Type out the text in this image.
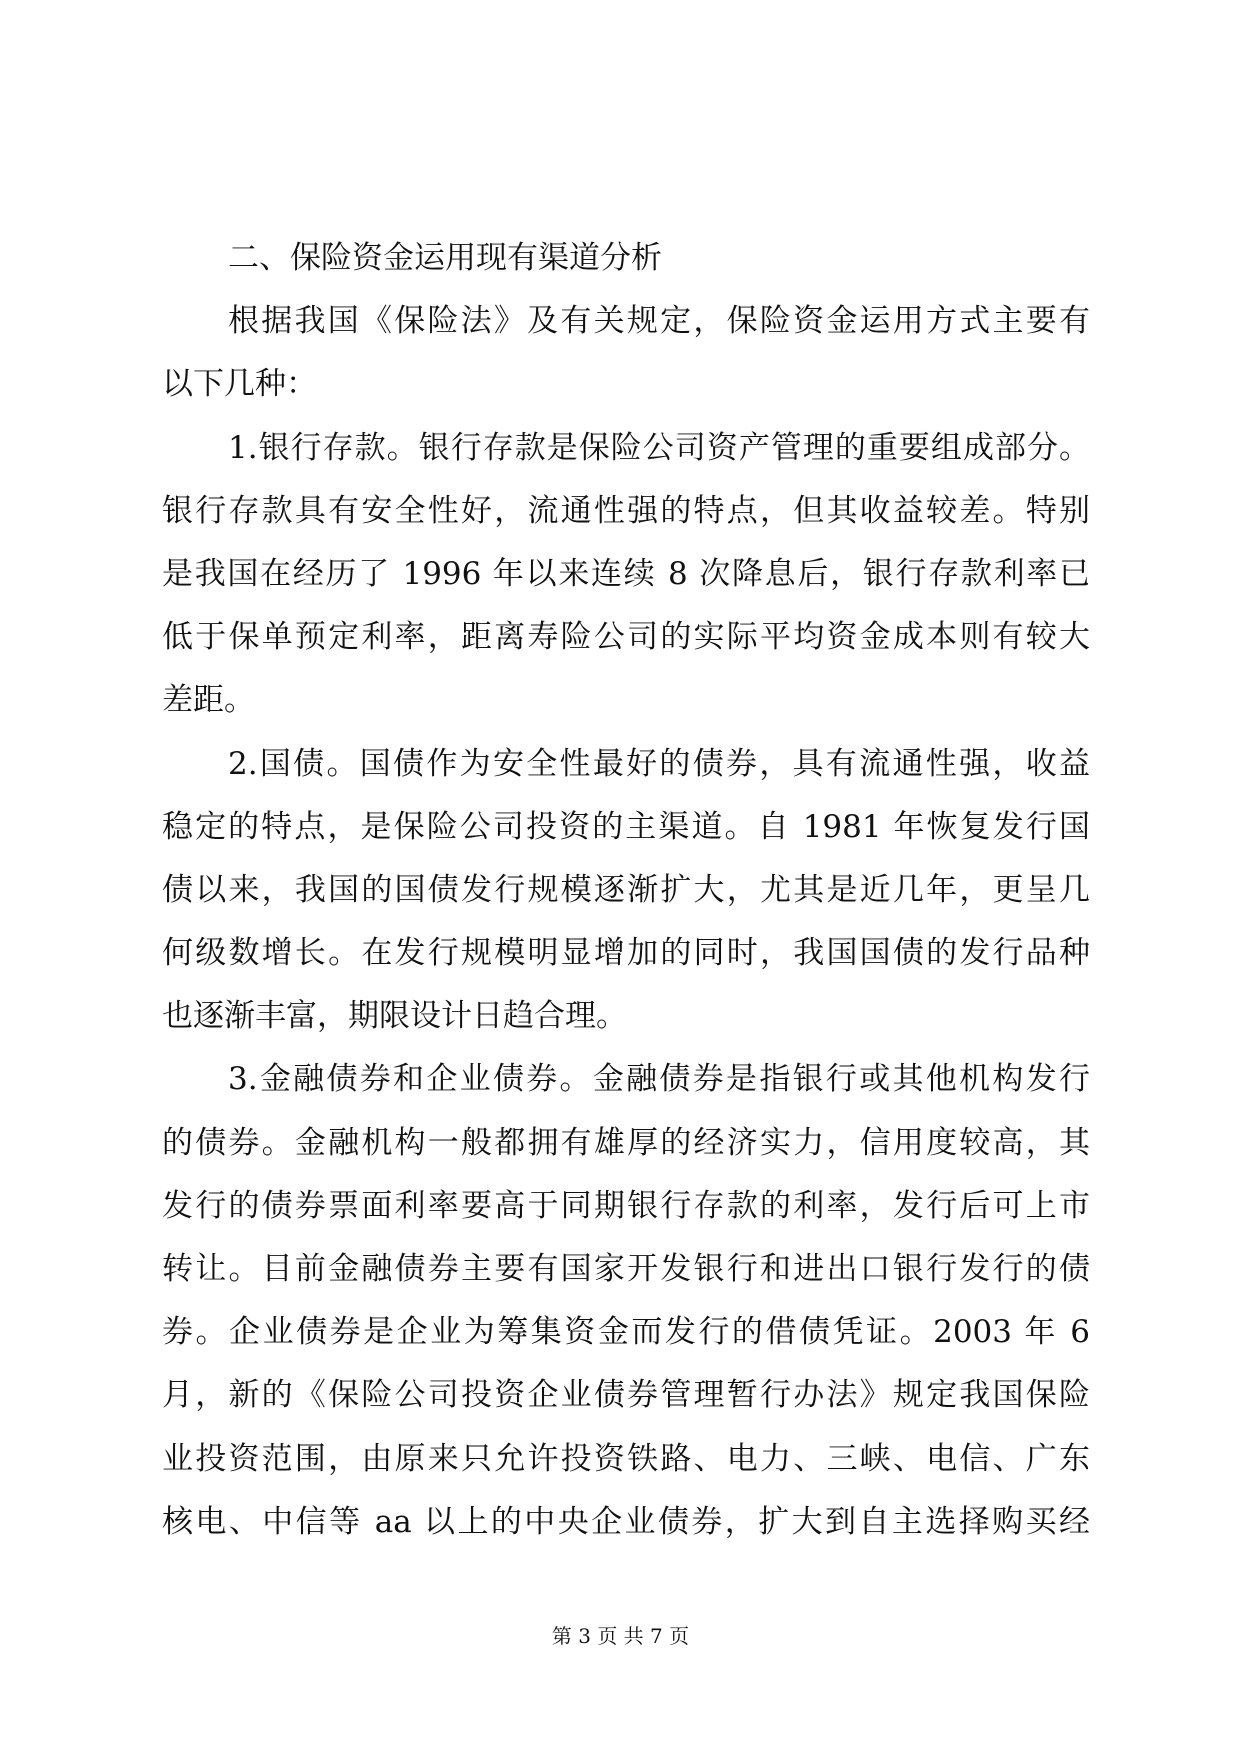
二、保险资金运用现有渠道分析
根据我国《保险法》及有关规定，保险资金运用方式主要有
以下几种：
1.银行存款。银行存款是保险公司资产管理的重要组成部分。
银行存款具有安全性好，流通性强的特点，但其收益较差。特别
是我国在经历了 1996 年以来连续 8 次降息后，银行存款利率已
低于保单预定利率，距离寿险公司的实际平均资金成本则有较大
差距。
2.国债。国债作为安全性最好的债券，具有流通性强，收益
稳定的特点，是保险公司投资的主渠道。自 1981 年恢复发行国
债以来，我国的国债发行规模逐渐扩大，尤其是近几年，更呈几
何级数增长。在发行规模明显增加的同时，我国国债的发行品种
也逐渐丰富，期限设计日趋合理。
3.金融债券和企业债券。金融债券是指银行或其他机构发行
的债券。金融机构一般都拥有雄厚的经济实力，信用度较高，其
发行的债券票面利率要高于同期银行存款的利率，发行后可上市
转让。目前金融债券主要有国家开发银行和进出口银行发行的债
券。企业债券是企业为筹集资金而发行的借债凭证。2003 年 6
月，新的《保险公司投资企业债券管理暂行办法》规定我国保险
业投资范围，由原来只允许投资铁路、电力、三峡、电信、广东
核电、中信等 aa 以上的中央企业债券，扩大到自主选择购买经
第 3 页 共 7 页
